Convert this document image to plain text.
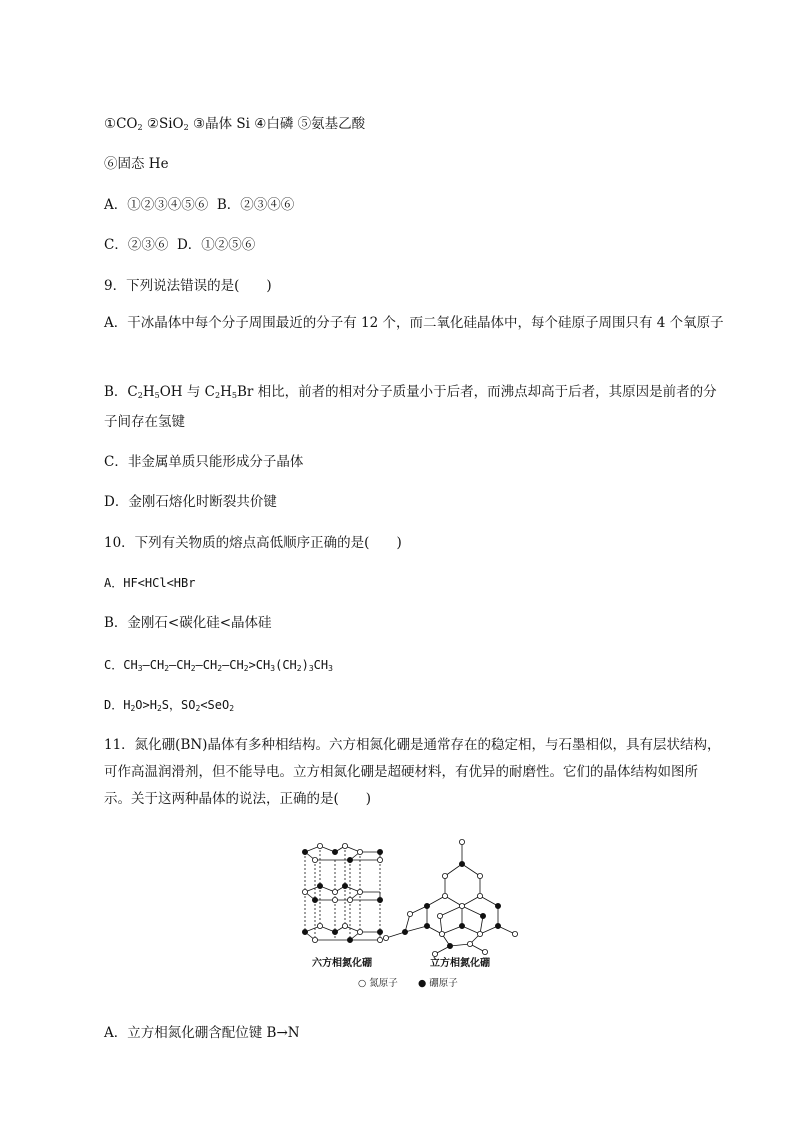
$①CO_2$ ②SiO$_2$ ③晶体 Si ④白磷 ⑤氨基乙酸
⑥固态 He
A．①②③④⑤⑥ B．②③④⑥
C．②③⑥ D．①②⑤⑥
9．下列说法错误的是(　　)
A．干冰晶体中每个分子周围最近的分子有 12 个，而二氧化硅晶体中，每个硅原子周围只有 4 个氧原子
B．$C_2H_5OH$ 与 $C_2H_5Br$ 相比，前者的相对分子质量小于后者，而沸点却高于后者，其原因是前者的分子间存在氢键
C．非金属单质只能形成分子晶体
D．金刚石熔化时断裂共价键
10．下列有关物质的熔点高低顺序正确的是(　　)
A．HF<HCl<HBr
B．金刚石<碳化硅<晶体硅
C．$CH_3—CH_2—CH_2—CH_2—CH_2>CH_3(CH_2)_3CH_3$
D．$H_2O>H_2S$，$SO_2<SeO_2$
11．氮化硼(BN)晶体有多种相结构。六方相氮化硼是通常存在的稳定相，与石墨相似，具有层状结构，可作高温润滑剂，但不能导电。立方相氮化硼是超硬材料，有优异的耐磨性。它们的晶体结构如图所示。关于这两种晶体的说法，正确的是(　　)
六方相氮化硼	立方相氮化硼
○ 氮原子 ● 硼原子
A．立方相氮化硼含配位键 B→N
